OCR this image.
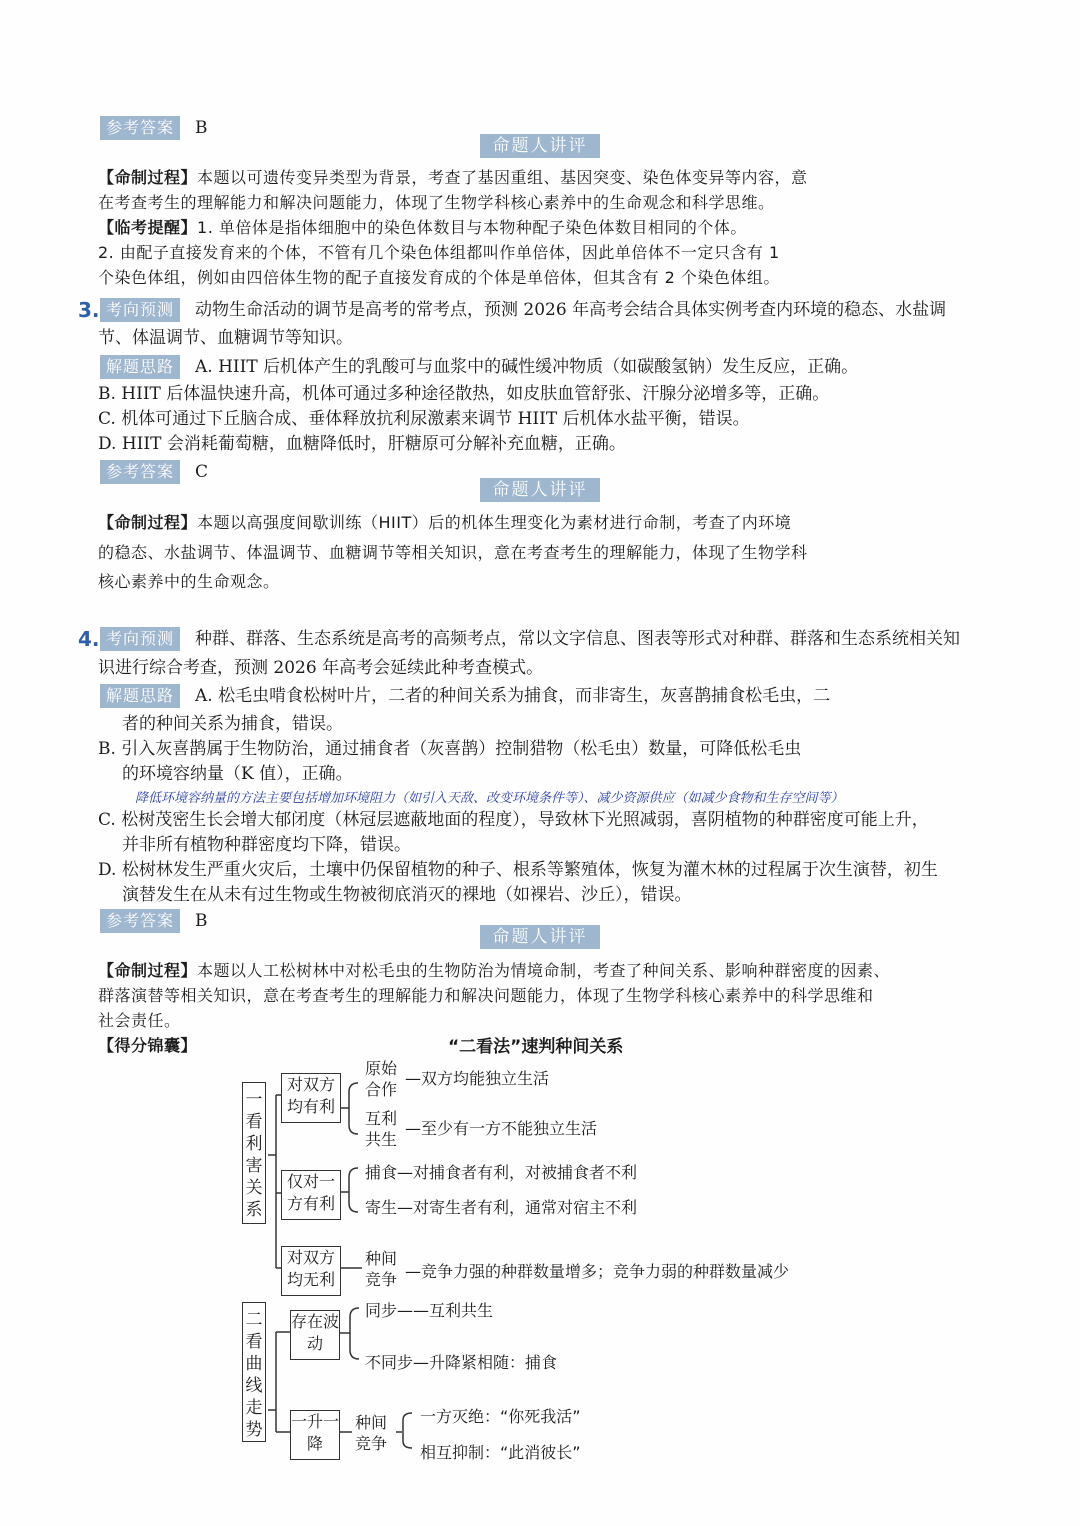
参考答案	B
命题人讲评
【命制过程】本题以可遗传变异类型为背景，考查了基因重组、基因突变、染色体变异等内容，意
在考查考生的理解能力和解决问题能力，体现了生物学科核心素养中的生命观念和科学思维。
【临考提醒】1. 单倍体是指体细胞中的染色体数目与本物种配子染色体数目相同的个体。
2. 由配子直接发育来的个体，不管有几个染色体组都叫作单倍体，因此单倍体不一定只含有 1
个染色体组，例如由四倍体生物的配子直接发育成的个体是单倍体，但其含有 2 个染色体组。
3. 考向预测	动物生命活动的调节是高考的常考点，预测 2026 年高考会结合具体实例考查内环境的稳态、水盐调
节、体温调节、血糖调节等知识。
解题思路	A. HIIT 后机体产生的乳酸可与血浆中的碱性缓冲物质（如碳酸氢钠）发生反应，正确。
B. HIIT 后体温快速升高，机体可通过多种途径散热，如皮肤血管舒张、汗腺分泌增多等，正确。
C. 机体可通过下丘脑合成、垂体释放抗利尿激素来调节 HIIT 后机体水盐平衡，错误。
D. HIIT 会消耗葡萄糖，血糖降低时，肝糖原可分解补充血糖，正确。
参考答案	C
命题人讲评
【命制过程】本题以高强度间歇训练（HIIT）后的机体生理变化为素材进行命制，考查了内环境
的稳态、水盐调节、体温调节、血糖调节等相关知识，意在考查考生的理解能力，体现了生物学科
核心素养中的生命观念。
4. 考向预测	种群、群落、生态系统是高考的高频考点，常以文字信息、图表等形式对种群、群落和生态系统相关知
识进行综合考查，预测 2026 年高考会延续此种考查模式。
解题思路	A. 松毛虫啃食松树叶片，二者的种间关系为捕食，而非寄生，灰喜鹊捕食松毛虫，二
者的种间关系为捕食，错误。
B. 引入灰喜鹊属于生物防治，通过捕食者（灰喜鹊）控制猎物（松毛虫）数量，可降低松毛虫
的环境容纳量（K 值），正确。
降低环境容纳量的方法主要包括增加环境阻力（如引入天敌、改变环境条件等）、减少资源供应（如减少食物和生存空间等）
C. 松树茂密生长会增大郁闭度（林冠层遮蔽地面的程度），导致林下光照减弱，喜阴植物的种群密度可能上升，
并非所有植物种群密度均下降，错误。
D. 松树林发生严重火灾后，土壤中仍保留植物的种子、根系等繁殖体，恢复为灌木林的过程属于次生演替，初生
演替发生在从未有过生物或生物被彻底消灭的裸地（如裸岩、沙丘），错误。
参考答案	B
命题人讲评
【命制过程】本题以人工松树林中对松毛虫的生物防治为情境命制，考查了种间关系、影响种群密度的因素、
群落演替等相关知识，意在考查考生的理解能力和解决问题能力，体现了生物学科核心素养中的科学思维和
社会责任。
【得分锦囊】	“二看法”速判种间关系
一看利害关系
二看曲线走势
对双方均有利
仅对一方有利
对双方均无利
存在波动
一升一降
原始合作
—双方均能独立生活
互利共生
—至少有一方不能独立生活
捕食—对捕食者有利，对被捕食者不利
寄生—对寄生者有利，通常对宿主不利
种间竞争 —竞争力强的种群数量增多；竞争力弱的种群数量减少
同步——互利共生
不同步—升降紧相随：捕食
种间竞争
一方灭绝：“你死我活”
相互抑制：“此消彼长”
